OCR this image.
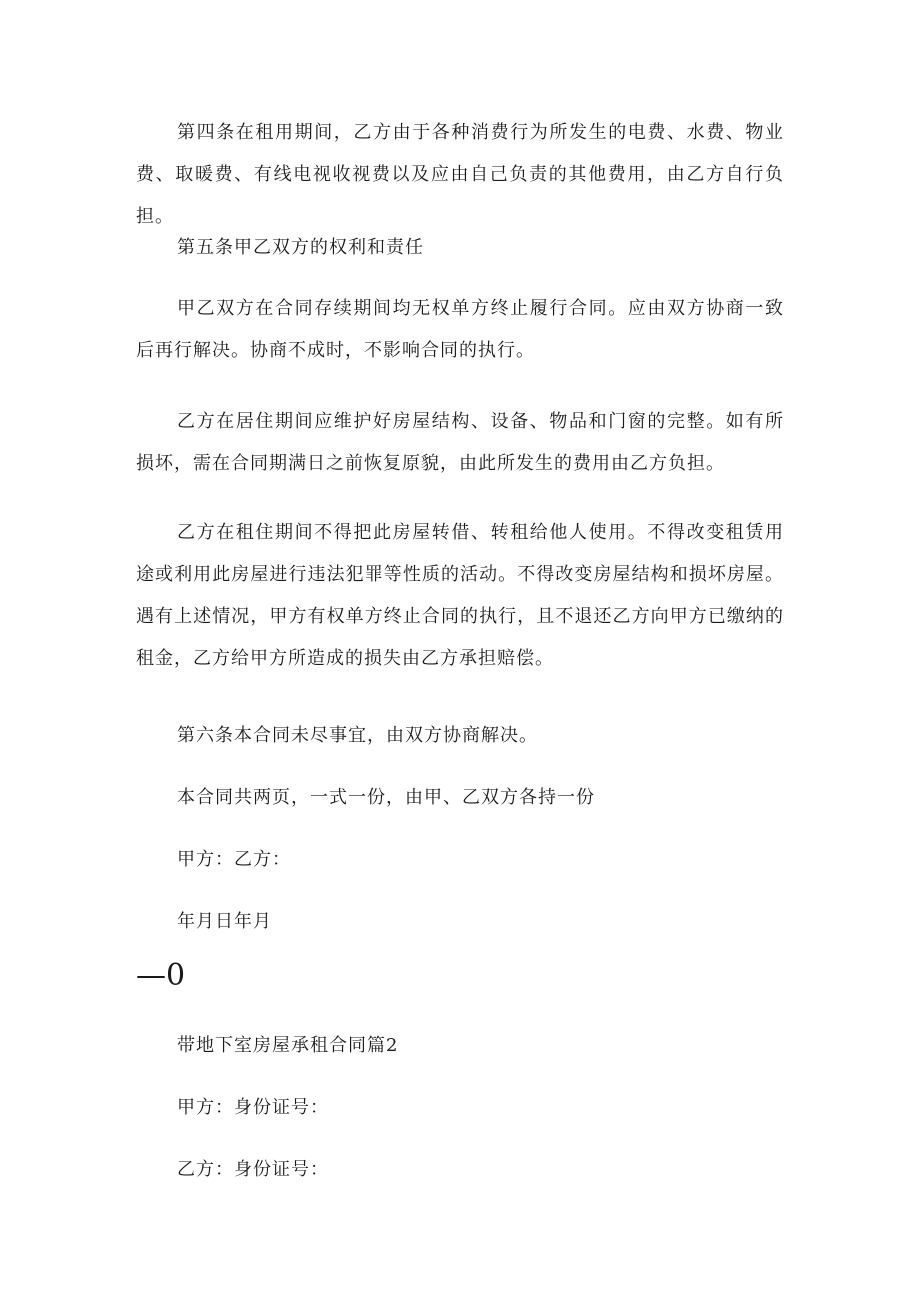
第四条在租用期间，乙方由于各种消费行为所发生的电费、水费、物业费、取暖费、有线电视收视费以及应由自己负责的其他费用，由乙方自行负担。

第五条甲乙双方的权利和责任

甲乙双方在合同存续期间均无权单方终止履行合同。应由双方协商一致后再行解决。协商不成时，不影响合同的执行。

乙方在居住期间应维护好房屋结构、设备、物品和门窗的完整。如有所损坏，需在合同期满日之前恢复原貌，由此所发生的费用由乙方负担。

乙方在租住期间不得把此房屋转借、转租给他人使用。不得改变租赁用途或利用此房屋进行违法犯罪等性质的活动。不得改变房屋结构和损坏房屋。遇有上述情况，甲方有权单方终止合同的执行，且不退还乙方向甲方已缴纳的租金，乙方给甲方所造成的损失由乙方承担赔偿。

第六条本合同未尽事宜，由双方协商解决。

本合同共两页，一式一份，由甲、乙双方各持一份

甲方：乙方：

年月日年月

—0

带地下室房屋承租合同篇2

甲方：身份证号：

乙方：身份证号：
